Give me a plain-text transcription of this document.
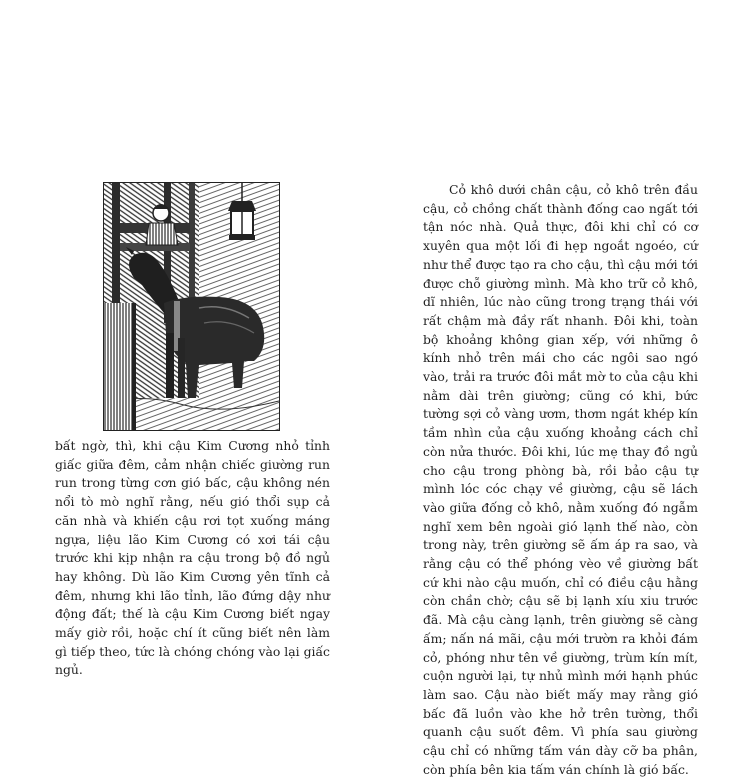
bất ngờ, thì, khi cậu Kim Cương nhỏ tỉnh giấc giữa đêm, cảm nhận chiếc giường run run trong từng cơn gió bấc, cậu không nén nổi tò mò nghĩ rằng, nếu gió thổi sụp cả căn nhà và khiến cậu rơi tọt xuống máng ngựa, liệu lão Kim Cương có xơi tái cậu trước khi kịp nhận ra cậu trong bộ đồ ngủ hay không. Dù lão Kim Cương yên tĩnh cả đêm, nhưng khi lão tỉnh, lão đứng dậy như động đất; thế là cậu Kim Cương biết ngay mấy giờ rồi, hoặc chí ít cũng biết nên làm gì tiếp theo, tức là chóng chóng vào lại giấc ngủ.

Cỏ khô dưới chân cậu, cỏ khô trên đầu cậu, cỏ chồng chất thành đống cao ngất tới tận nóc nhà. Quả thực, đôi khi chỉ có cơ xuyên qua một lối đi hẹp ngoắt ngoéo, cứ như thể được tạo ra cho cậu, thì cậu mới tới được chỗ giường mình. Mà kho trữ cỏ khô, dĩ nhiên, lúc nào cũng trong trạng thái với rất chậm mà đầy rất nhanh. Đôi khi, toàn bộ khoảng không gian xếp, với những ô kính nhỏ trên mái cho các ngôi sao ngó vào, trải ra trước đôi mắt mờ to của cậu khi nằm dài trên giường; cũng có khi, bức tường sợi cỏ vàng ươm, thơm ngát khép kín tầm nhìn của cậu xuống khoảng cách chỉ còn nửa thước. Đôi khi, lúc mẹ thay đồ ngủ cho cậu trong phòng bà, rồi bảo cậu tự mình lóc cóc chạy về giường, cậu sẽ lách vào giữa đống cỏ khô, nằm xuống đó ngẫm nghĩ xem bên ngoài gió lạnh thế nào, còn trong này, trên giường sẽ ấm áp ra sao, và rằng cậu có thể phóng vèo về giường bất cứ khi nào cậu muốn, chỉ có điều cậu hằng còn chần chờ; cậu sẽ bị lạnh xíu xiu trước đã. Mà cậu càng lạnh, trên giường sẽ càng ấm; nấn ná mãi, cậu mới trườn ra khỏi đám cỏ, phóng như tên về giường, trùm kín mít, cuộn người lại, tự nhủ mình mới hạnh phúc làm sao. Cậu nào biết mấy may rằng gió bấc đã luồn vào khe hở trên tường, thổi quanh cậu suốt đêm. Vì phía sau giường cậu chỉ có những tấm ván dày cỡ ba phân, còn phía bên kia tấm ván chính là gió bấc.
